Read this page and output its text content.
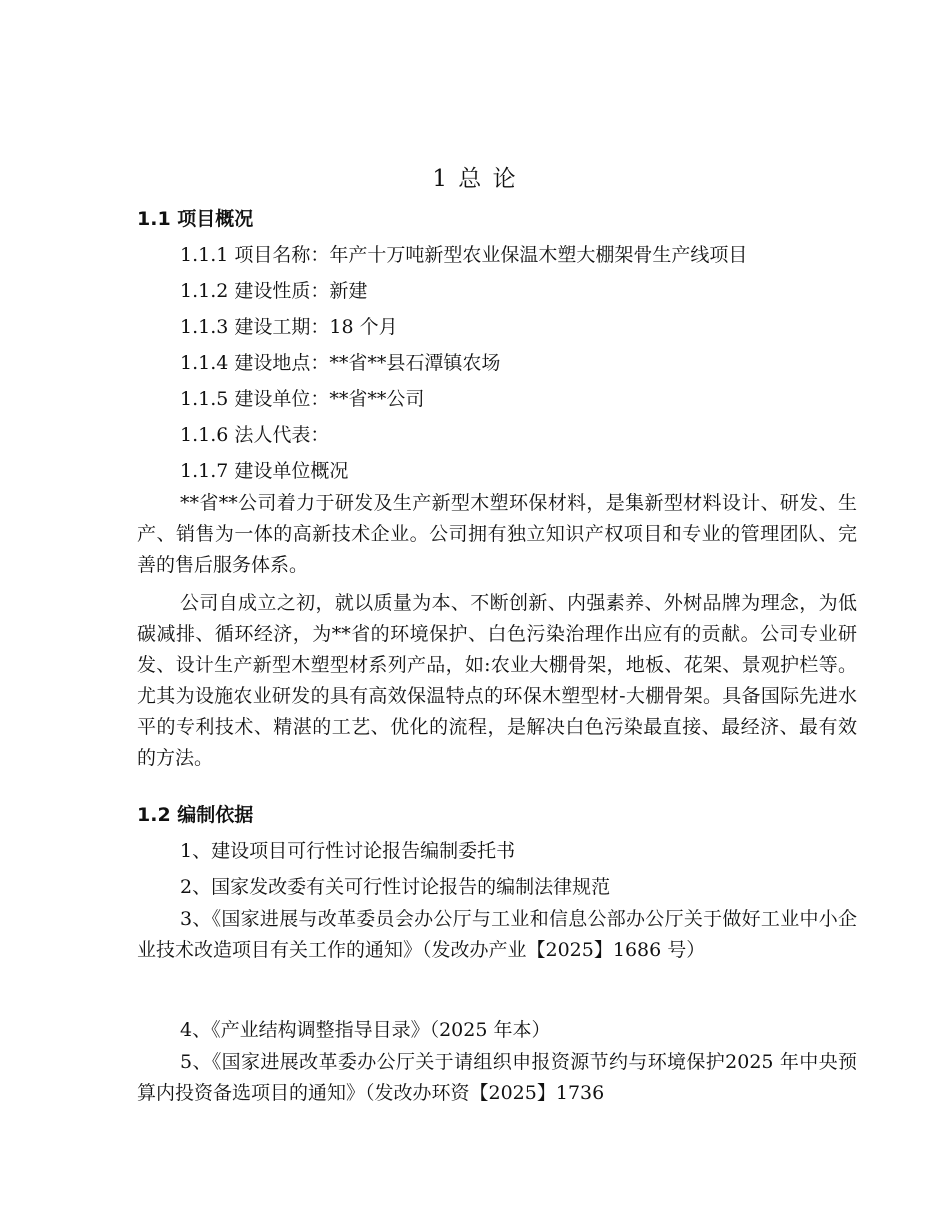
1 总 论
1.1 项目概况
1.1.1 项目名称：年产十万吨新型农业保温木塑大棚架骨生产线项目
1.1.2 建设性质：新建
1.1.3 建设工期：18 个月
1.1.4 建设地点：**省**县石潭镇农场
1.1.5 建设单位：**省**公司
1.1.6 法人代表：
1.1.7 建设单位概况
**省**公司着力于研发及生产新型木塑环保材料，是集新型材料设计、研发、生产、销售为一体的高新技术企业。公司拥有独立知识产权项目和专业的管理团队、完善的售后服务体系。
公司自成立之初，就以质量为本、不断创新、内强素养、外树品牌为理念，为低碳减排、循环经济，为**省的环境保护、白色污染治理作出应有的贡献。公司专业研发、设计生产新型木塑型材系列产品，如:农业大棚骨架，地板、花架、景观护栏等。尤其为设施农业研发的具有高效保温特点的环保木塑型材-大棚骨架。具备国际先进水平的专利技术、精湛的工艺、优化的流程，是解决白色污染最直接、最经济、最有效的方法。
1.2 编制依据
1、建设项目可行性讨论报告编制委托书
2、国家发改委有关可行性讨论报告的编制法律规范
3、《国家进展与改革委员会办公厅与工业和信息公部办公厅关于做好工业中小企业技术改造项目有关工作的通知》（发改办产业【2025】1686 号）
4、《产业结构调整指导目录》（2025 年本）
5、《国家进展改革委办公厅关于请组织申报资源节约与环境保护2025 年中央预算内投资备选项目的通知》（发改办环资【2025】1736
